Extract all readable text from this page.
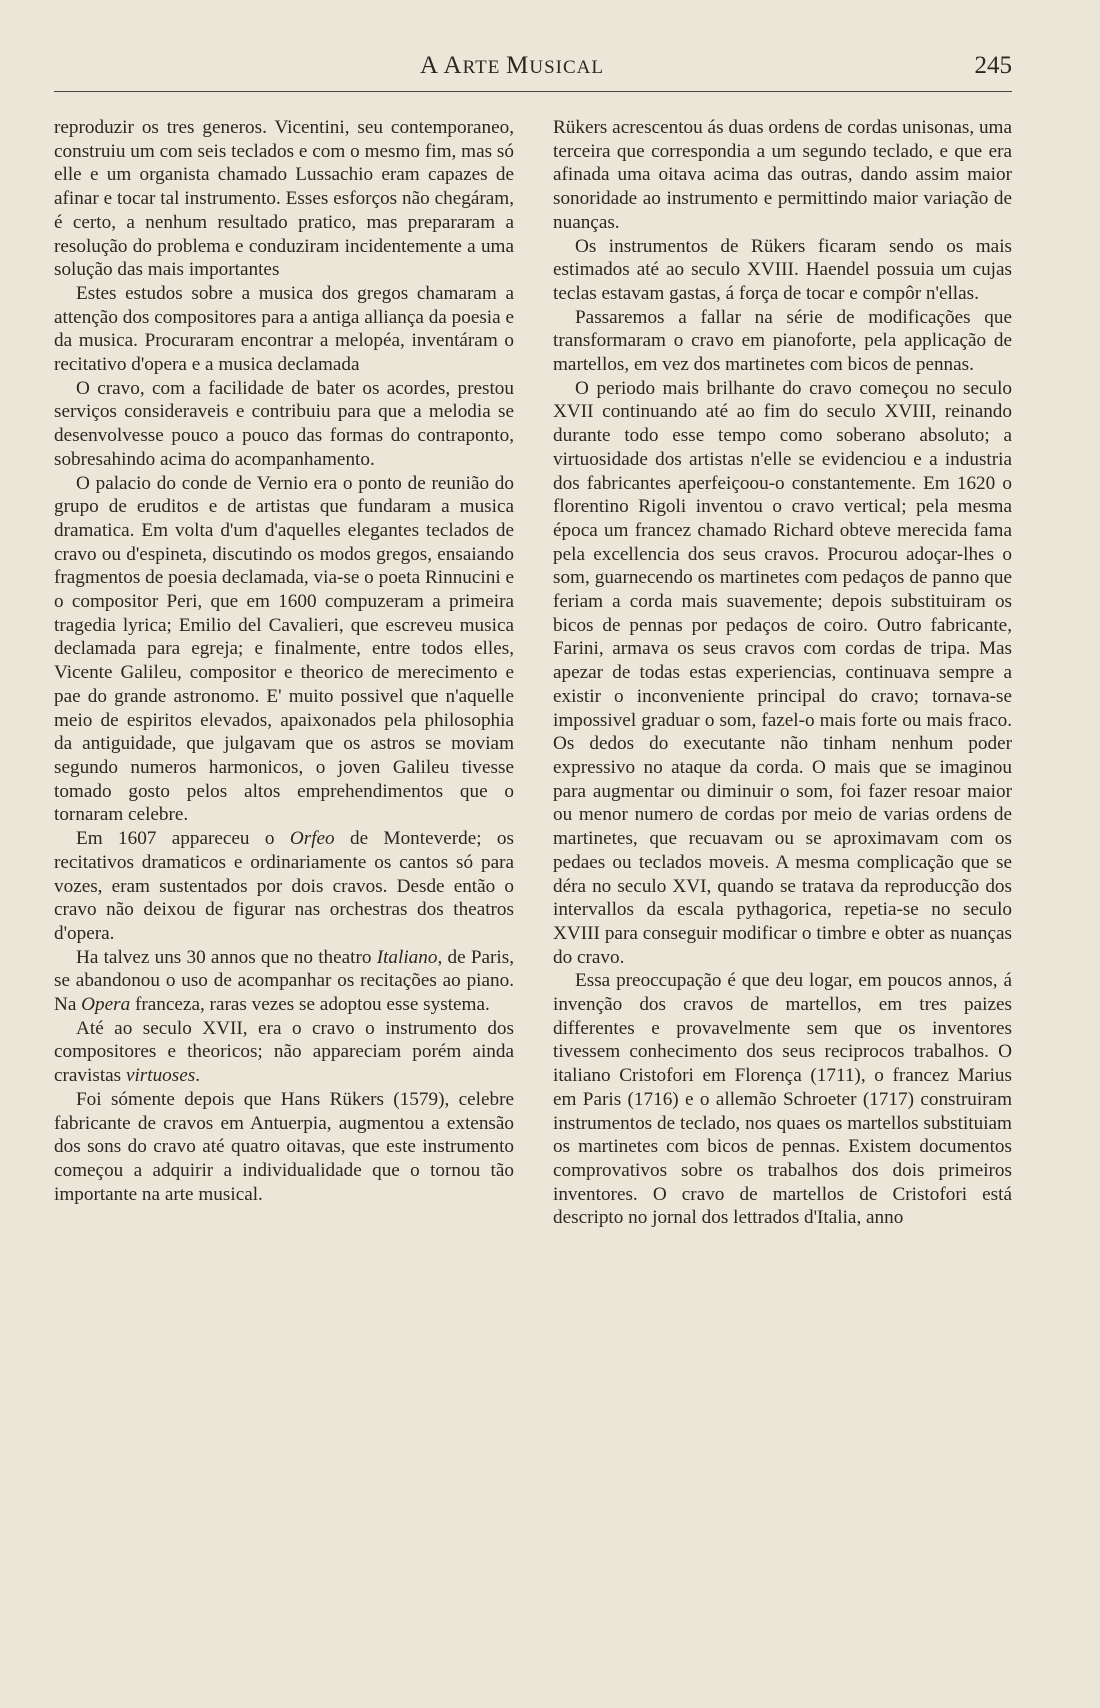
A ARTE MUSICAL	245

reproduzir os tres generos. Vicentini, seu contemporaneo, construiu um com seis teclados e com o mesmo fim, mas só elle e um organista chamado Lussachio eram capazes de afinar e tocar tal instrumento. Esses esforços não chegáram, é certo, a nenhum resultado pratico, mas prepararam a resolução do problema e conduziram incidentemente a uma solução das mais importantes

Estes estudos sobre a musica dos gregos chamaram a attenção dos compositores para a antiga alliança da poesia e da musica. Procuraram encontrar a melopéa, inventáram o recitativo d'opera e a musica declamada

O cravo, com a facilidade de bater os acordes, prestou serviços consideraveis e contribuiu para que a melodia se desenvolvesse pouco a pouco das formas do contraponto, sobresahindo acima do acompanhamento.

O palacio do conde de Vernio era o ponto de reunião do grupo de eruditos e de artistas que fundaram a musica dramatica. Em volta d'um d'aquelles elegantes teclados de cravo ou d'espineta, discutindo os modos gregos, ensaiando fragmentos de poesia declamada, via-se o poeta Rinnucini e o compositor Peri, que em 1600 compuzeram a primeira tragedia lyrica; Emilio del Cavalieri, que escreveu musica declamada para egreja; e finalmente, entre todos elles, Vicente Galileu, compositor e theorico de merecimento e pae do grande astronomo. E' muito possivel que n'aquelle meio de espiritos elevados, apaixonados pela philosophia da antiguidade, que julgavam que os astros se moviam segundo numeros harmonicos, o joven Galileu tivesse tomado gosto pelos altos emprehendimentos que o tornaram celebre.

Em 1607 appareceu o Orfeo de Monteverde; os recitativos dramaticos e ordinariamente os cantos só para vozes, eram sustentados por dois cravos. Desde então o cravo não deixou de figurar nas orchestras dos theatros d'opera.

Ha talvez uns 30 annos que no theatro Italiano, de Paris, se abandonou o uso de acompanhar os recitações ao piano. Na Opera franceza, raras vezes se adoptou esse systema.

Até ao seculo XVII, era o cravo o instrumento dos compositores e theoricos; não appareciam porém ainda cravistas virtuoses.

Foi sómente depois que Hans Rükers (1579), celebre fabricante de cravos em Antuerpia, augmentou a extensão dos sons do cravo até quatro oitavas, que este instrumento começou a adquirir a individualidade que o tornou tão importante na arte musical.

Rükers acrescentou ás duas ordens de cordas unisonas, uma terceira que correspondia a um segundo teclado, e que era afinada uma oitava acima das outras, dando assim maior sonoridade ao instrumento e permittindo maior variação de nuanças.

Os instrumentos de Rükers ficaram sendo os mais estimados até ao seculo XVIII. Haendel possuia um cujas teclas estavam gastas, á força de tocar e compôr n'ellas.

Passaremos a fallar na série de modificações que transformaram o cravo em pianoforte, pela applicação de martellos, em vez dos martinetes com bicos de pennas.

O periodo mais brilhante do cravo começou no seculo XVII continuando até ao fim do seculo XVIII, reinando durante todo esse tempo como soberano absoluto; a virtuosidade dos artistas n'elle se evidenciou e a industria dos fabricantes aperfeiçoou-o constantemente. Em 1620 o florentino Rigoli inventou o cravo vertical; pela mesma época um francez chamado Richard obteve merecida fama pela excellencia dos seus cravos. Procurou adoçar-lhes o som, guarnecendo os martinetes com pedaços de panno que feriam a corda mais suavemente; depois substituiram os bicos de pennas por pedaços de coiro. Outro fabricante, Farini, armava os seus cravos com cordas de tripa. Mas apezar de todas estas experiencias, continuava sempre a existir o inconveniente principal do cravo; tornava-se impossivel graduar o som, fazel-o mais forte ou mais fraco. Os dedos do executante não tinham nenhum poder expressivo no ataque da corda. O mais que se imaginou para augmentar ou diminuir o som, foi fazer resoar maior ou menor numero de cordas por meio de varias ordens de martinetes, que recuavam ou se aproximavam com os pedaes ou teclados moveis. A mesma complicação que se déra no seculo XVI, quando se tratava da reproducção dos intervallos da escala pythagorica, repetia-se no seculo XVIII para conseguir modificar o timbre e obter as nuanças do cravo.

Essa preoccupação é que deu logar, em poucos annos, á invenção dos cravos de martellos, em tres paizes differentes e provavelmente sem que os inventores tivessem conhecimento dos seus reciprocos trabalhos. O italiano Cristofori em Florença (1711), o francez Marius em Paris (1716) e o allemão Schroeter (1717) construiram instrumentos de teclado, nos quaes os martellos substituiam os martinetes com bicos de pennas. Existem documentos comprovativos sobre os trabalhos dos dois primeiros inventores. O cravo de martellos de Cristofori está descripto no jornal dos lettrados d'Italia, anno
